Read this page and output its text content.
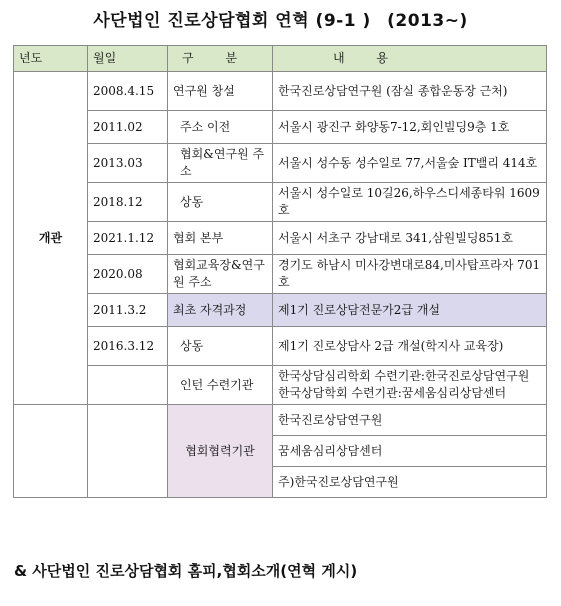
사단법인 진로상담협회 연혁 (9-1 ) (2013~)
년도	월일	구 분	내 용
개관	2008.4.15	연구원 창설	한국진로상담연구원 (잠실 종합운동장 근처)
	2011.02	주소 이전	서울시 광진구 화양동7-12,회인빌딩9층 1호
	2013.03	협회&연구원 주소	서울시 성수동 성수일로 77,서울숲 IT밸리 414호
	2018.12	상동	서울시 성수일로 10길26,하우스디세종타워 1609호
	2021.1.12	협회 본부	서울시 서초구 강남대로 341,삼원빌딩851호
	2020.08	협회교육장&연구원 주소	경기도 하남시 미사강변대로84,미사탑프라자 701호
	2011.3.2	최초 자격과정	제1기 진로상담전문가2급 개설
	2016.3.12	상동	제1기 진로상담사 2급 개설(학지사 교육장)
		인턴 수련기관	한국상담심리학회 수련기관:한국진로상담연구원
한국상담학회 수련기관:꿈세움심리상담센터

		협회협력기관	한국진로상담연구원
꿈세움심리상담센터
주)한국진로상담연구원
& 사단법인 진로상담협회 홈피,협회소개(연혁 게시)
